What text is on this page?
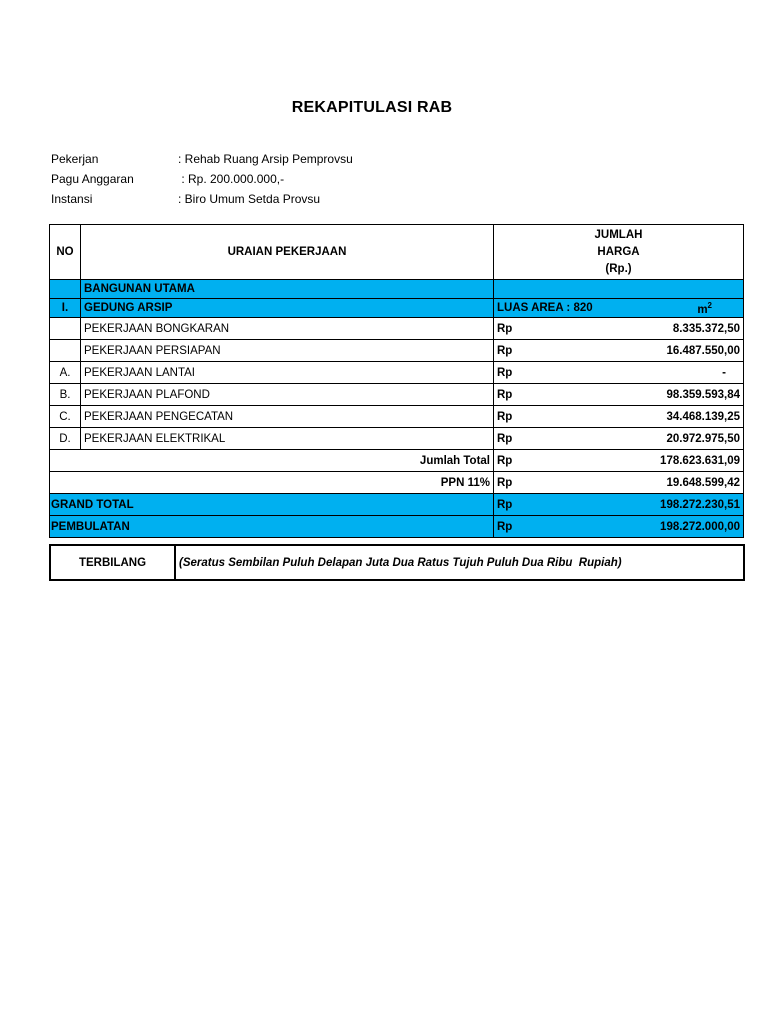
REKAPITULASI RAB
Pekerjan	: Rehab Ruang Arsip Pemprovsu
Pagu Anggaran	: Rp. 200.000.000,-
Instansi	: Biro Umum Setda Provsu
NO	URAIAN PEKERJAAN	JUMLAH
HARGA
(Rp.)

	BANGUNAN UTAMA	
I.	GEDUNG ARSIP	LUAS AREA : 820 $m^2$

	PEKERJAAN BONGKARAN	Rp 8.335.372,50

	PEKERJAAN PERSIAPAN	Rp 16.487.550,00

A.	PEKERJAAN LANTAI	Rp -

B.	PEKERJAAN PLAFOND	Rp 98.359.593,84

C.	PEKERJAAN PENGECATAN	Rp 34.468.139,25

D.	PEKERJAAN ELEKTRIKAL	Rp 20.972.975,50

Jumlah Total		Rp 178.623.631,09

PPN 11%		Rp 19.648.599,42

GRAND TOTAL		Rp 198.272.230,51

PEMBULATAN		Rp 198.272.000,00
TERBILANG	(Seratus Sembilan Puluh Delapan Juta Dua Ratus Tujuh Puluh Dua Ribu  Rupiah)
